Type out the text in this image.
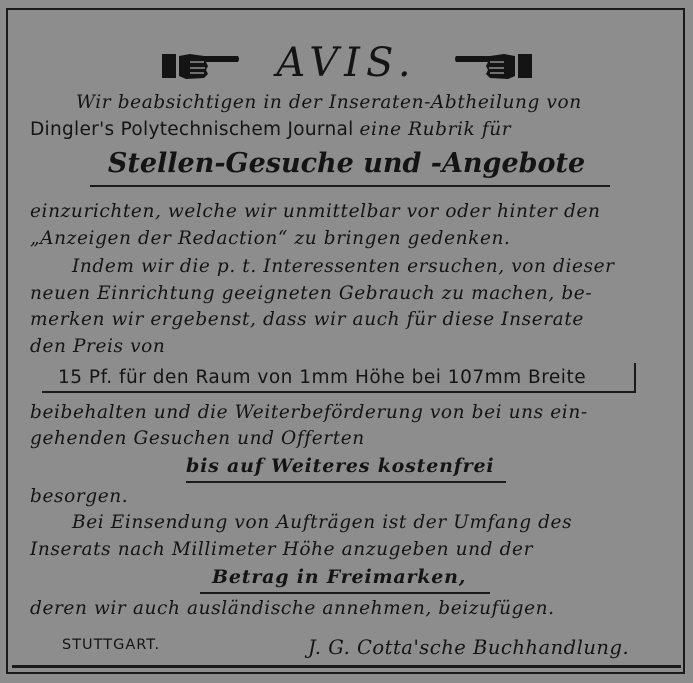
AVIS.
Wir beabsichtigen in der Inseraten-Abtheilung von
Dingler's Polytechnischem Journal eine Rubrik für
Stellen-Gesuche und -Angebote
einzurichten, welche wir unmittelbar vor oder hinter den
„Anzeigen der Redaction“ zu bringen gedenken.
Indem wir die p. t. Interessenten ersuchen, von dieser
neuen Einrichtung geeigneten Gebrauch zu machen, be-
merken wir ergebenst, dass wir auch für diese Inserate
den Preis von
15 Pf. für den Raum von 1mm Höhe bei 107mm Breite
beibehalten und die Weiterbeförderung von bei uns ein-
gehenden Gesuchen und Offerten
bis auf Weiteres kostenfrei
besorgen.
Bei Einsendung von Aufträgen ist der Umfang des
Inserats nach Millimeter Höhe anzugeben und der
Betrag in Freimarken,
deren wir auch ausländische annehmen, beizufügen.
STUTTGART.	J. G. Cotta'sche Buchhandlung.
